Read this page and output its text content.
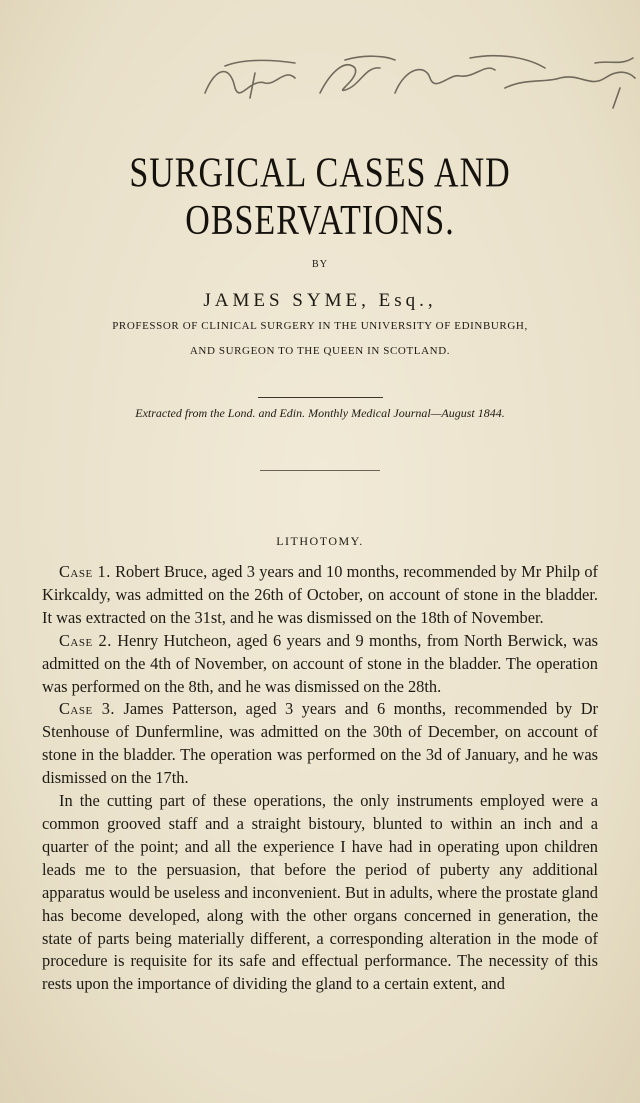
SURGICAL CASES AND OBSERVATIONS.
BY
JAMES SYME, Esq.,
PROFESSOR OF CLINICAL SURGERY IN THE UNIVERSITY OF EDINBURGH,
AND SURGEON TO THE QUEEN IN SCOTLAND.
Extracted from the Lond. and Edin. Monthly Medical Journal—August 1844.
LITHOTOMY.

Case 1. Robert Bruce, aged 3 years and 10 months, recommended by Mr Philp of Kirkcaldy, was admitted on the 26th of October, on account of stone in the bladder. It was extracted on the 31st, and he was dismissed on the 18th of November.

Case 2. Henry Hutcheon, aged 6 years and 9 months, from North Berwick, was admitted on the 4th of November, on account of stone in the bladder. The operation was performed on the 8th, and he was dismissed on the 28th.

Case 3. James Patterson, aged 3 years and 6 months, recommended by Dr Stenhouse of Dunfermline, was admitted on the 30th of December, on account of stone in the bladder. The operation was performed on the 3d of January, and he was dismissed on the 17th.

In the cutting part of these operations, the only instruments employed were a common grooved staff and a straight bistoury, blunted to within an inch and a quarter of the point; and all the experience I have had in operating upon children leads me to the persuasion, that before the period of puberty any additional apparatus would be useless and inconvenient. But in adults, where the prostate gland has become developed, along with the other organs concerned in generation, the state of parts being materially different, a corresponding alteration in the mode of procedure is requisite for its safe and effectual performance. The necessity of this rests upon the importance of dividing the gland to a certain extent, and
